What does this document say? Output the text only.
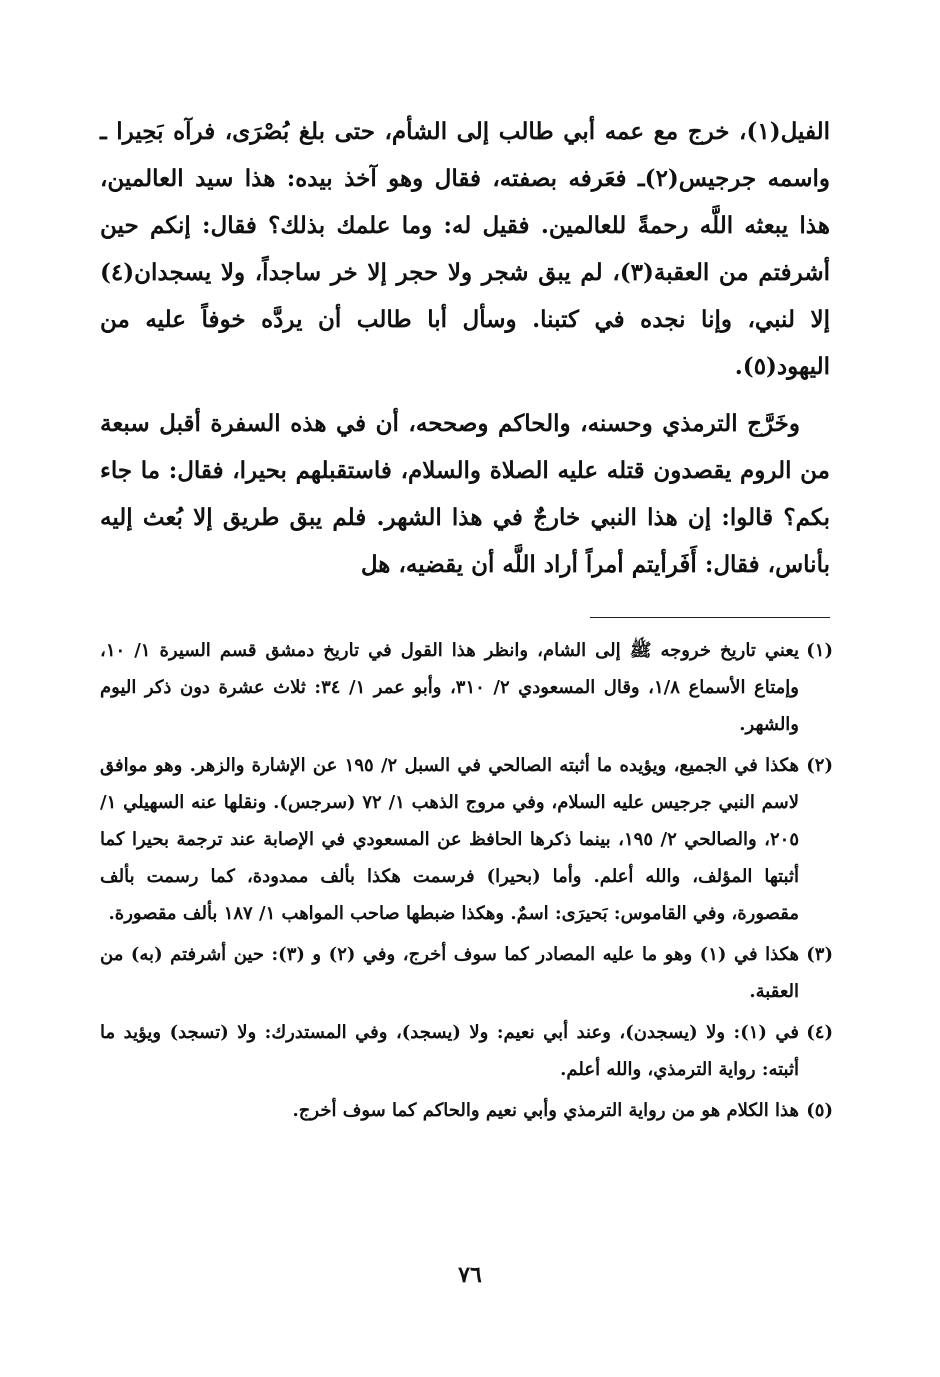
الفيل(١)، خرج مع عمه أبي طالب إلى الشأم، حتى بلغ بُصْرَى، فرآه بَحِيرا ـ واسمه جرجيس(٢)ـ فعَرفه بصفته، فقال وهو آخذ بيده: هذا سيد العالمين، هذا يبعثه اللَّه رحمةً للعالمين. فقيل له: وما علمك بذلك؟ فقال: إنكم حين أشرفتم من العقبة(٣)، لم يبق شجر ولا حجر إلا خر ساجداً، ولا يسجدان(٤) إلا لنبي، وإنا نجده في كتبنا. وسأل أبا طالب أن يردَّه خوفاً عليه من اليهود(٥).

وخَرَّج الترمذي وحسنه، والحاكم وصححه، أن في هذه السفرة أقبل سبعة من الروم يقصدون قتله عليه الصلاة والسلام، فاستقبلهم بحيرا، فقال: ما جاء بكم؟ قالوا: إن هذا النبي خارجٌ في هذا الشهر. فلم يبق طريق إلا بُعث إليه بأناس، فقال: أَفَرأيتم أمراً أراد اللَّه أن يقضيه، هل

(١)
يعني تاريخ خروجه ﷺ إلى الشام، وانظر هذا القول في تاريخ دمشق قسم السيرة ١/ ١٠، وإمتاع الأسماع ١/٨، وقال المسعودي ٢/ ٣١٠، وأبو عمر ١/ ٣٤: ثلاث عشرة دون ذكر اليوم والشهر.
(٢)
هكذا في الجميع، ويؤيده ما أثبته الصالحي في السبل ٢/ ١٩٥ عن الإشارة والزهر. وهو موافق لاسم النبي جرجيس عليه السلام، وفي مروج الذهب ١/ ٧٢ (سرجس). ونقلها عنه السهيلي ١/ ٢٠٥، والصالحي ٢/ ١٩٥، بينما ذكرها الحافظ عن المسعودي في الإصابة عند ترجمة بحيرا كما أثبتها المؤلف، والله أعلم. وأما (بحيرا) فرسمت هكذا بألف ممدودة، كما رسمت بألف مقصورة، وفي القاموس: بَحيرَى: اسمٌ. وهكذا ضبطها صاحب المواهب ١/ ١٨٧ بألف مقصورة.
(٣)
هكذا في (١) وهو ما عليه المصادر كما سوف أخرج، وفي (٢) و (٣): حين أشرفتم (به) من العقبة.
(٤)
في (١): ولا (يسجدن)، وعند أبي نعيم: ولا (يسجد)، وفي المستدرك: ولا (تسجد) ويؤيد ما أثبته: رواية الترمذي، والله أعلم.
(٥)
هذا الكلام هو من رواية الترمذي وأبي نعيم والحاكم كما سوف أخرج.
٧٦
